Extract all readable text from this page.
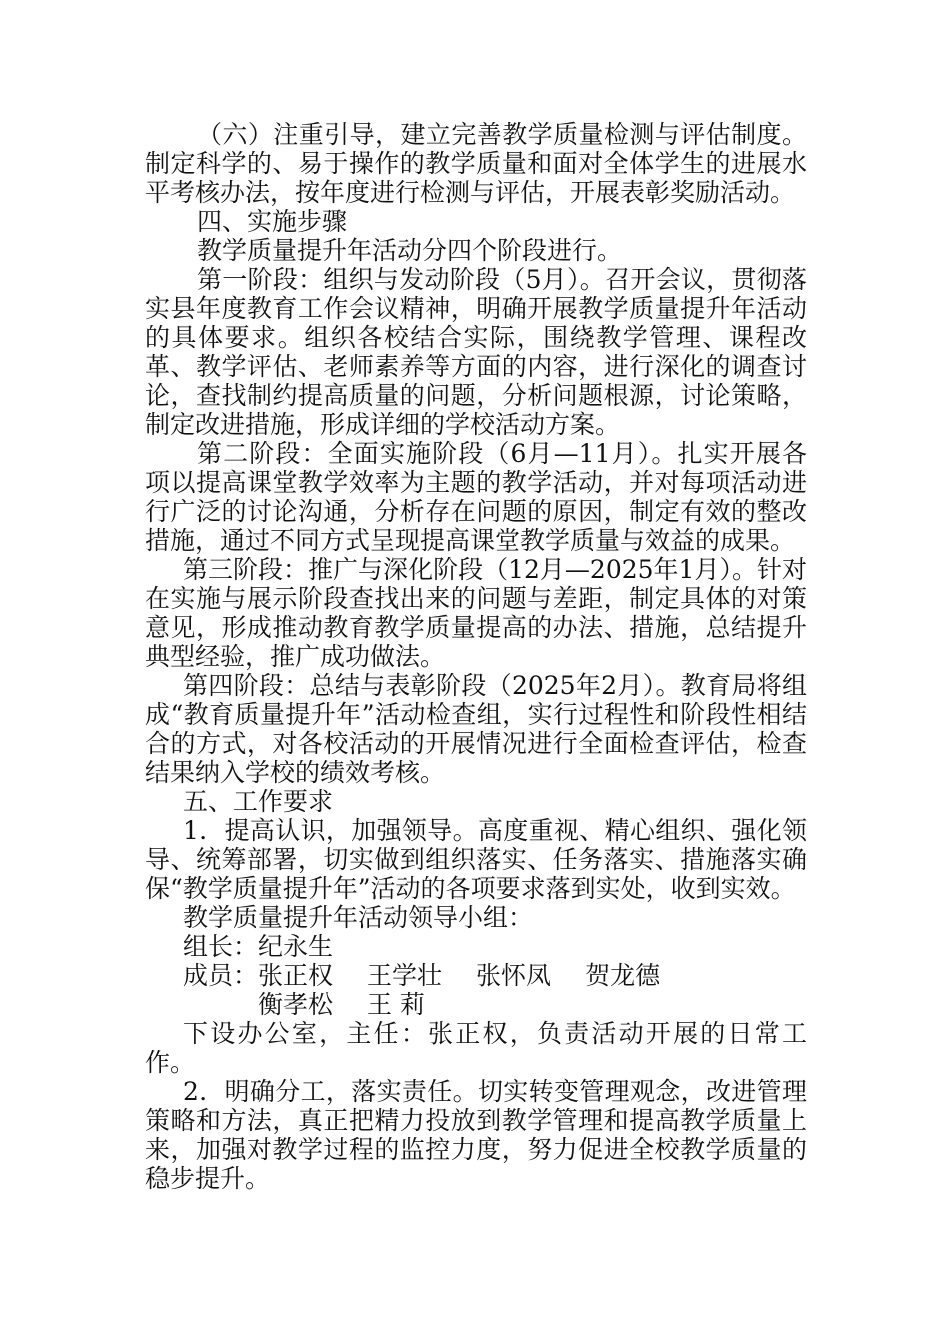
（六）注重引导，建立完善教学质量检测与评估制度。制定科学的、易于操作的教学质量和面对全体学生的进展水平考核办法，按年度进行检测与评估，开展表彰奖励活动。

四、实施步骤

教学质量提升年活动分四个阶段进行。

第一阶段：组织与发动阶段（5月）。召开会议，贯彻落实县年度教育工作会议精神，明确开展教学质量提升年活动的具体要求。组织各校结合实际，围绕教学管理、课程改革、教学评估、老师素养等方面的内容，进行深化的调查讨论，查找制约提高质量的问题，分析问题根源，讨论策略，制定改进措施，形成详细的学校活动方案。

第二阶段：全面实施阶段（6月—11月）。扎实开展各项以提高课堂教学效率为主题的教学活动，并对每项活动进行广泛的讨论沟通，分析存在问题的原因，制定有效的整改措施，通过不同方式呈现提高课堂教学质量与效益的成果。

第三阶段：推广与深化阶段（12月—2025年1月）。针对在实施与展示阶段查找出来的问题与差距，制定具体的对策意见，形成推动教育教学质量提高的办法、措施，总结提升典型经验，推广成功做法。

第四阶段：总结与表彰阶段（2025年2月）。教育局将组成“教育质量提升年”活动检查组，实行过程性和阶段性相结合的方式，对各校活动的开展情况进行全面检查评估，检查结果纳入学校的绩效考核。

五、工作要求

1．提高认识，加强领导。高度重视、精心组织、强化领导、统筹部署，切实做到组织落实、任务落实、措施落实确保“教学质量提升年”活动的各项要求落到实处，收到实效。

教学质量提升年活动领导小组：

组长：纪永生

成员： 张正权 王学壮 张怀凤 贺龙德
衡孝松 王 莉

下设办公室，主任：张正权，负责活动开展的日常工作。

2．明确分工，落实责任。切实转变管理观念，改进管理策略和方法，真正把精力投放到教学管理和提高教学质量上来，加强对教学过程的监控力度，努力促进全校教学质量的稳步提升。
